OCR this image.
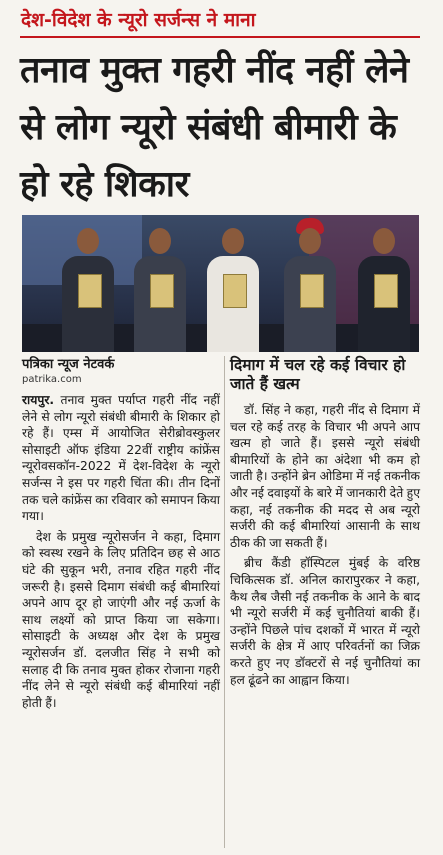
देश-विदेश के न्यूरो सर्जन्स ने माना
तनाव मुक्त गहरी नींद नहीं लेने से लोग न्यूरो संबंधी बीमारी के हो रहे शिकार
पत्रिका न्यूज नेटवर्क
patrika.com

रायपुर. तनाव मुक्त पर्याप्त गहरी नींद नहीं लेने से लोग न्यूरो संबंधी बीमारी के शिकार हो रहे हैं। एम्स में आयोजित सेरीब्रोवस्कुलर सोसाइटी ऑफ इंडिया 22वीं राष्ट्रीय कांफ्रेंस न्यूरोवसकॉन-2022 में देश-विदेश के न्यूरो सर्जन्स ने इस पर गहरी चिंता की। तीन दिनों तक चले कांफ्रेंस का रविवार को समापन किया गया।

देश के प्रमुख न्यूरोसर्जन ने कहा, दिमाग को स्वस्थ रखने के लिए प्रतिदिन छह से आठ घंटे की सुकून भरी, तनाव रहित गहरी नींद जरूरी है। इससे दिमाग संबंधी कई बीमारियां अपने आप दूर हो जाएंगी और नई ऊर्जा के साथ लक्ष्यों को प्राप्त किया जा सकेगा। सोसाइटी के अध्यक्ष और देश के प्रमुख न्यूरोसर्जन डॉ. दलजीत सिंह ने सभी को सलाह दी कि तनाव मुक्त होकर रोजाना गहरी नींद लेने से न्यूरो संबंधी कई बीमारियां नहीं होती हैं।

दिमाग में चल रहे कई विचार हो जाते हैं खत्म

डॉ. सिंह ने कहा, गहरी नींद से दिमाग में चल रहे कई तरह के विचार भी अपने आप खत्म हो जाते हैं। इससे न्यूरो संबंधी बीमारियों के होने का अंदेशा भी कम हो जाती है। उन्होंने ब्रेन ओडिमा में नई तकनीक और नई दवाइयों के बारे में जानकारी देते हुए कहा, नई तकनीक की मदद से अब न्यूरो सर्जरी की कई बीमारियां आसानी के साथ ठीक की जा सकती हैं।

ब्रीच कैंडी हॉस्पिटल मुंबई के वरिष्ठ चिकित्सक डॉ. अनिल कारापुरकर ने कहा, कैथ लैब जैसी नई तकनीक के आने के बाद भी न्यूरो सर्जरी में कई चुनौतियां बाकी हैं। उन्होंने पिछले पांच दशकों में भारत में न्यूरो सर्जरी के क्षेत्र में आए परिवर्तनों का जिक्र करते हुए नए डॉक्टरों से नई चुनौतियां का हल ढूंढने का आह्वान किया।
